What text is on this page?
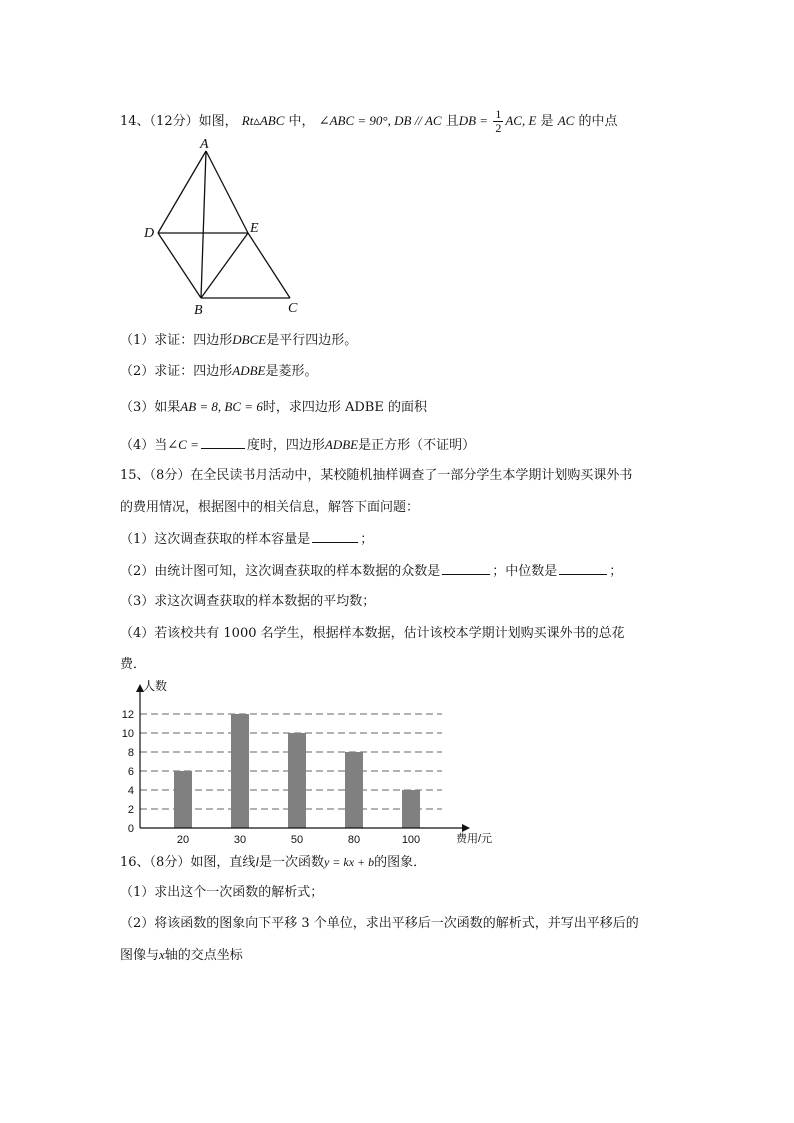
14、（12分）如图， Rt▵ABC 中， ∠ABC = 90°, DB // AC 且DB = $\frac{1}{2}$ AC, E 是 AC 的中点
A
D	E
B	C
（1）求证：四边形DBCE是平行四边形。
（2）求证：四边形ADBE是菱形。
（3）如果AB = 8, BC = 6时，求四边形 ADBE 的面积
（4）当∠C =	度时，四边形ADBE是正方形（不证明）
15、（8分）在全民读书月活动中，某校随机抽样调查了一部分学生本学期计划购买课外书
的费用情况，根据图中的相关信息，解答下面问题：
（1）这次调查获取的样本容量是	；
（2）由统计图可知，这次调查获取的样本数据的众数是	；中位数是	；
（3）求这次调查获取的样本数据的平均数；
（4）若该校共有 1000 名学生，根据样本数据，估计该校本学期计划购买课外书的总花
费．
0
2
4
6
8
10
12
20	30	50	80	100
人数
费用/元
16、（8分）如图，直线l是一次函数y = kx + b的图象．
（1）求出这个一次函数的解析式；
（2）将该函数的图象向下平移 3 个单位，求出平移后一次函数的解析式，并写出平移后的
图像与x轴的交点坐标
